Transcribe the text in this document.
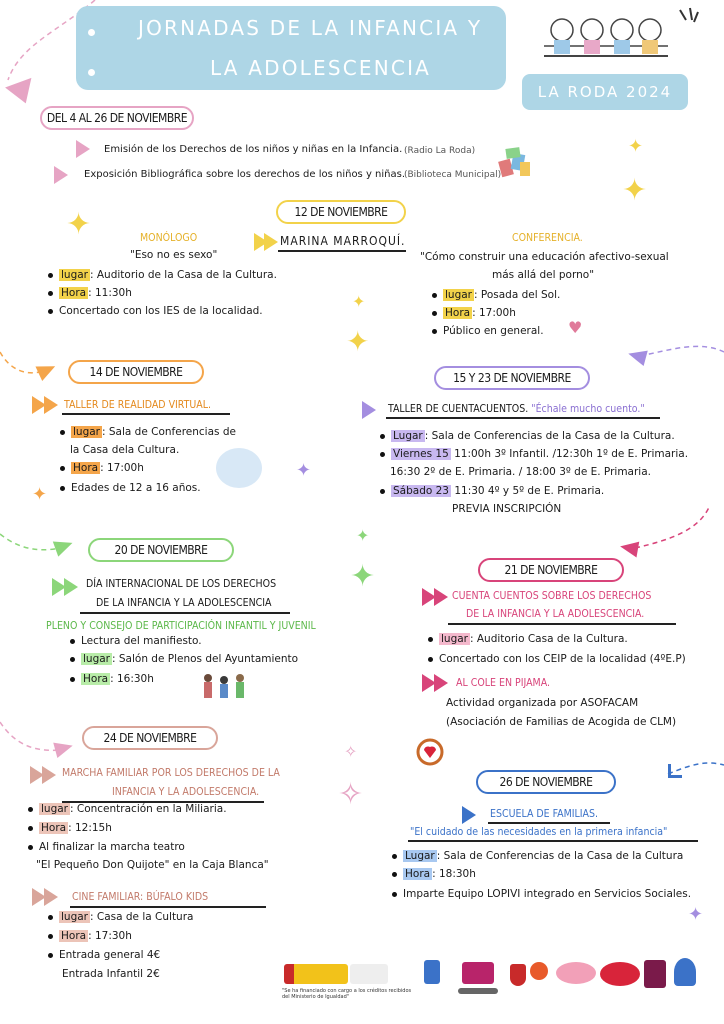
✦
✦
✦
✦
✦
✦
✦
✦
✦
✧
✧
✦
JORNADAS DE LA INFANCIA Y
LA ADOLESCENCIA
LA RODA 2024
DEL 4 AL 26 DE NOVIEMBRE
Emisión de los Derechos de los niños y niñas en la Infancia. (Radio La Roda)
Exposición Bibliográfica sobre los derechos de los niños y niñas.
(Biblioteca Municipal)
12 DE NOVIEMBRE
MARINA MARROQUÍ.
MONÓLOGO
"Eso no es sexo"
lugar : Auditorio de la Casa de la Cultura.
Hora : 11:30h
Concertado con los IES de la localidad.
CONFERENCIA.
"Cómo construir una educación afectivo-sexual
más allá del porno"
lugar : Posada del Sol.
Hora : 17:00h
Público en general. ♥
14 DE NOVIEMBRE
TALLER DE REALIDAD VIRTUAL.
lugar : Sala de Conferencias de
la Casa dela Cultura.
Hora : 17:00h
Edades de 12 a 16 años.
15 Y 23 DE NOVIEMBRE
TALLER DE CUENTACUENTOS. "Échale mucho cuento."
Lugar : Sala de Conferencias de la Casa de la Cultura.
Viernes 15 11:00h 3º Infantil. /12:30h 1º de E. Primaria.
16:30 2º de E. Primaria. / 18:00 3º de E. Primaria.
Sábado 23 11:30 4º y 5º de E. Primaria.
PREVIA INSCRIPCIÓN
20 DE NOVIEMBRE
DÍA INTERNACIONAL DE LOS DERECHOS
DE LA INFANCIA Y LA ADOLESCENCIA
PLENO Y CONSEJO DE PARTICIPACIÓN INFANTIL Y JUVENIL
Lectura del manifiesto.
lugar : Salón de Plenos del Ayuntamiento
Hora : 16:30h
21 DE NOVIEMBRE
CUENTA CUENTOS SOBRE LOS DERECHOS
DE LA INFANCIA Y LA ADOLESCENCIA.
lugar : Auditorio Casa de la Cultura.
Concertado con los CEIP de la localidad (4ºE.P)
AL COLE EN PIJAMA.
Actividad organizada por ASOFACAM
(Asociación de Familias de Acogida de CLM)
24 DE NOVIEMBRE
MARCHA FAMILIAR POR LOS DERECHOS DE LA
INFANCIA Y LA ADOLESCENCIA.
lugar : Concentración en la Miliaria.
Hora : 12:15h
Al finalizar la marcha teatro
"El Pequeño Don Quijote" en la Caja Blanca"
CINE FAMILIAR: BÚFALO KIDS
lugar : Casa de la Cultura
Hora : 17:30h
Entrada general 4€
Entrada Infantil 2€
26 DE NOVIEMBRE
ESCUELA DE FAMILIAS.
"El cuidado de las necesidades en la primera infancia"
Lugar : Sala de Conferencias de la Casa de la Cultura
Hora : 18:30h
Imparte Equipo LOPIVI integrado en Servicios Sociales.
"Se ha financiado con cargo a los créditos recibidos del Ministerio de Igualdad"
